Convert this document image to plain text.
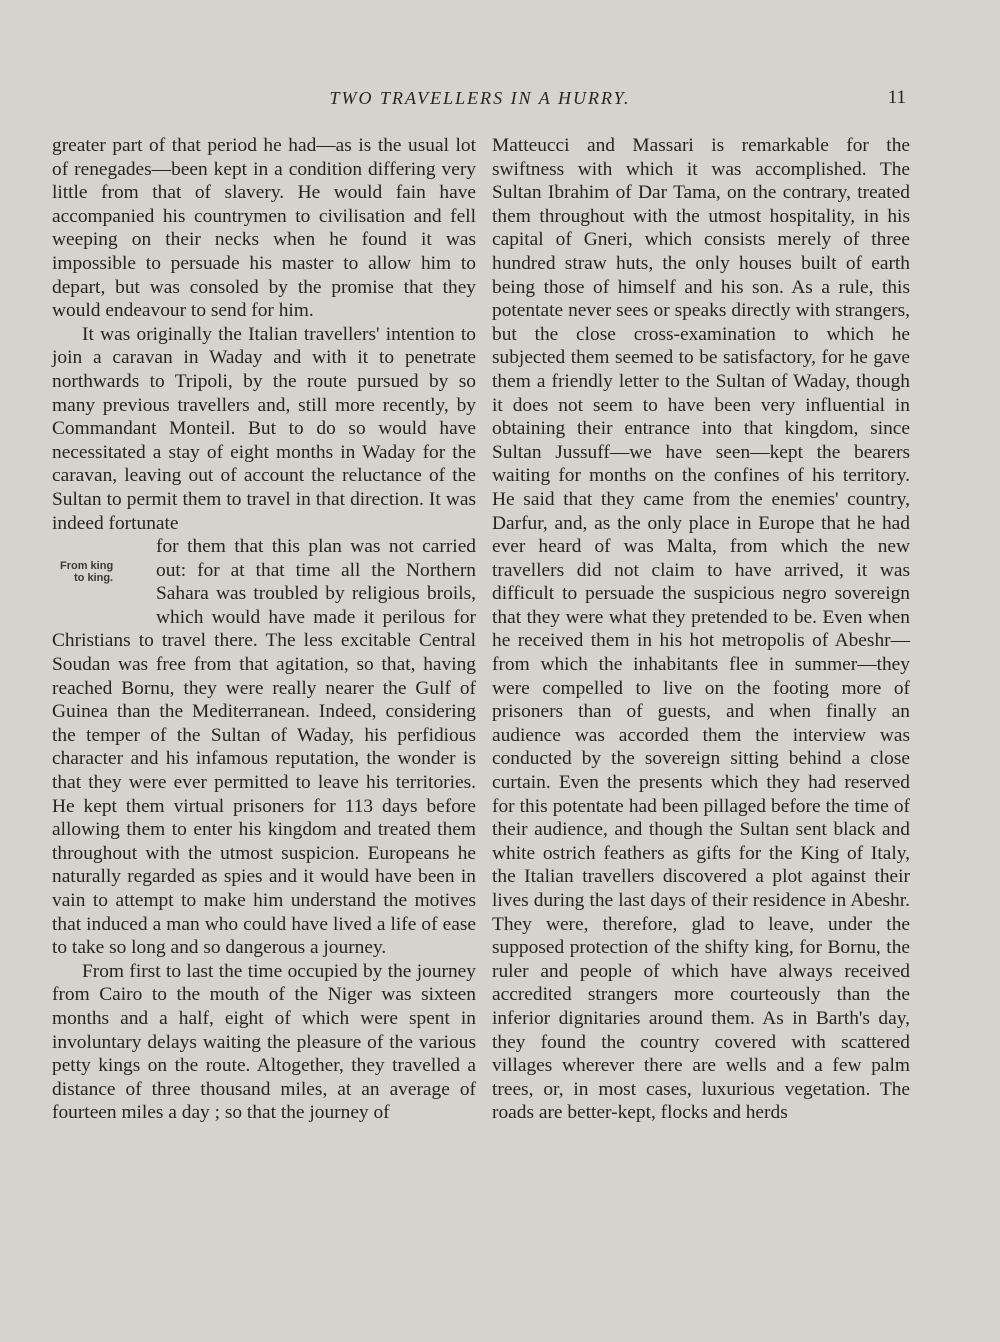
TWO TRAVELLERS IN A HURRY.	11

greater part of that period he had—as is the usual lot of renegades—been kept in a condition differing very little from that of slavery. He would fain have accompanied his countrymen to civilisation and fell weeping on their necks when he found it was impossible to persuade his master to allow him to depart, but was consoled by the promise that they would endeavour to send for him.

It was originally the Italian travellers' intention to join a caravan in Waday and with it to penetrate northwards to Tripoli, by the route pursued by so many previous travellers and, still more recently, by Commandant Monteil. But to do so would have necessitated a stay of eight months in Waday for the caravan, leaving out of account the reluctance of the Sultan to permit them to travel in that direction. It was indeed fortunate

From king
to king.

for them that this plan was not carried out: for at that time all the Northern Sahara was troubled by religious broils, which would have made it perilous for Christians to travel there. The less excitable Central Soudan was free from that agitation, so that, having reached Bornu, they were really nearer the Gulf of Guinea than the Mediterranean. Indeed, considering the temper of the Sultan of Waday, his perfidious character and his infamous reputation, the wonder is that they were ever permitted to leave his territories. He kept them virtual prisoners for 113 days before allowing them to enter his kingdom and treated them throughout with the utmost suspicion. Europeans he naturally regarded as spies and it would have been in vain to attempt to make him understand the motives that induced a man who could have lived a life of ease to take so long and so dangerous a journey.

From first to last the time occupied by the journey from Cairo to the mouth of the Niger was sixteen months and a half, eight of which were spent in involuntary delays waiting the pleasure of the various petty kings on the route. Altogether, they travelled a distance of three thousand miles, at an average of fourteen miles a day ; so that the journey of

Matteucci and Massari is remarkable for the swiftness with which it was accomplished. The Sultan Ibrahim of Dar Tama, on the contrary, treated them throughout with the utmost hospitality, in his capital of Gneri, which consists merely of three hundred straw huts, the only houses built of earth being those of himself and his son. As a rule, this potentate never sees or speaks directly with strangers, but the close cross-examination to which he subjected them seemed to be satisfactory, for he gave them a friendly letter to the Sultan of Waday, though it does not seem to have been very influential in obtaining their entrance into that kingdom, since Sultan Jussuff—we have seen—kept the bearers waiting for months on the confines of his territory. He said that they came from the enemies' country, Darfur, and, as the only place in Europe that he had ever heard of was Malta, from which the new travellers did not claim to have arrived, it was difficult to persuade the suspicious negro sovereign that they were what they pretended to be. Even when he received them in his hot metropolis of Abeshr—from which the inhabitants flee in summer—they were compelled to live on the footing more of prisoners than of guests, and when finally an audience was accorded them the interview was conducted by the sovereign sitting behind a close curtain. Even the presents which they had reserved for this potentate had been pillaged before the time of their audience, and though the Sultan sent black and white ostrich feathers as gifts for the King of Italy, the Italian travellers discovered a plot against their lives during the last days of their residence in Abeshr. They were, therefore, glad to leave, under the supposed protection of the shifty king, for Bornu, the ruler and people of which have always received accredited strangers more courteously than the inferior dignitaries around them. As in Barth's day, they found the country covered with scattered villages wherever there are wells and a few palm trees, or, in most cases, luxurious vegetation. The roads are better-kept, flocks and herds
